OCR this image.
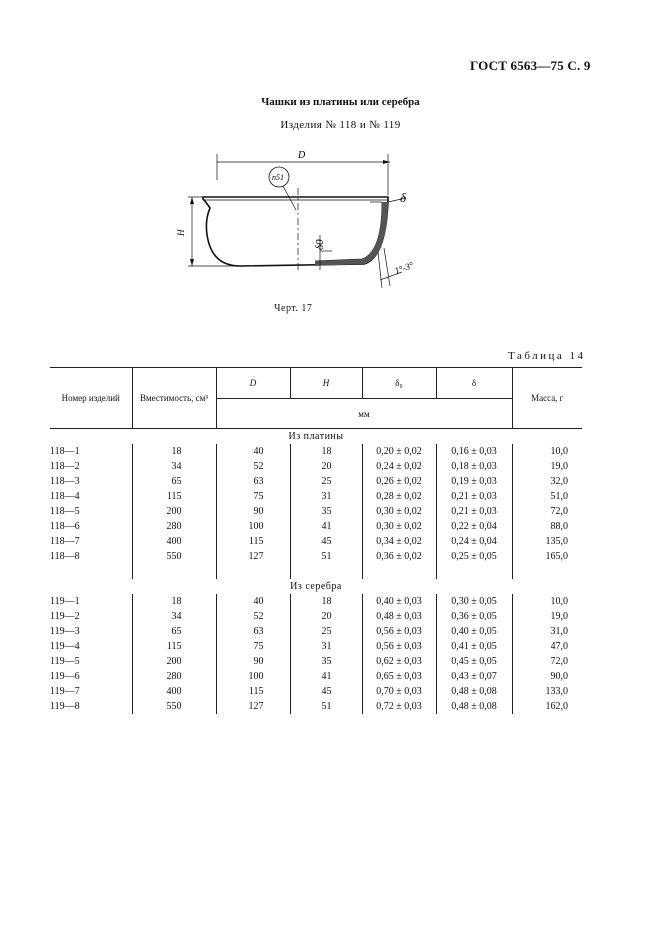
ГОСТ 6563—75 С. 9
Чашки из платины или серебра
Изделия № 118 и № 119
D
n51
H
δ
δ0
1°-3°
Черт. 17
Таблица 14
Номер изделий	Вместимость, см³	D	H	δ₀	δ	Масса, г
		мм				
Из платины						
118—1	18	40	18	0,20 ± 0,02	0,16 ± 0,03	10,0
118—2	34	52	20	0,24 ± 0,02	0,18 ± 0,03	19,0
118—3	65	63	25	0,26 ± 0,02	0,19 ± 0,03	32,0
118—4	115	75	31	0,28 ± 0,02	0,21 ± 0,03	51,0
118—5	200	90	35	0,30 ± 0,02	0,21 ± 0,03	72,0
118—6	280	100	41	0,30 ± 0,02	0,22 ± 0,04	88,0
118—7	400	115	45	0,34 ± 0,02	0,24 ± 0,04	135,0
118—8	550	127	51	0,36 ± 0,02	0,25 ± 0,05	165,0

Из серебра						
119—1	18	40	18	0,40 ± 0,03	0,30 ± 0,05	10,0
119—2	34	52	20	0,48 ± 0,03	0,36 ± 0,05	19,0
119—3	65	63	25	0,56 ± 0,03	0,40 ± 0,05	31,0
119—4	115	75	31	0,56 ± 0,03	0,41 ± 0,05	47,0
119—5	200	90	35	0,62 ± 0,03	0,45 ± 0,05	72,0
119—6	280	100	41	0,65 ± 0,03	0,43 ± 0,07	90,0
119—7	400	115	45	0,70 ± 0,03	0,48 ± 0,08	133,0
119—8	550	127	51	0,72 ± 0,03	0,48 ± 0,08	162,0
